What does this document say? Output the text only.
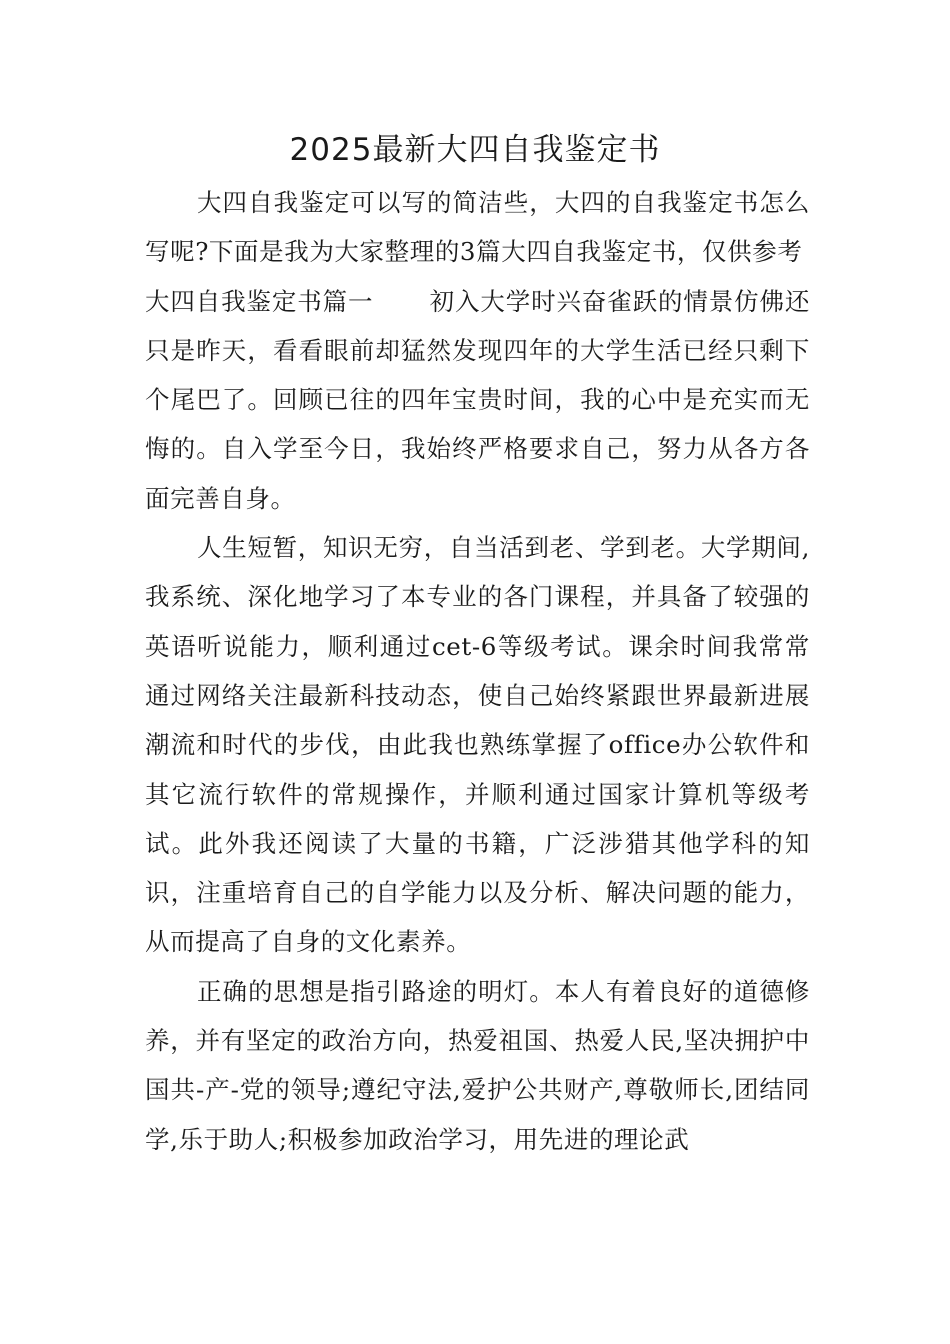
2025最新大四自我鉴定书

大四自我鉴定可以写的简洁些，大四的自我鉴定书怎么写呢?下面是我为大家整理的3篇大四自我鉴定书，仅供参考

大四自我鉴定书篇一 初入大学时兴奋雀跃的情景仿佛还只是昨天，看看眼前却猛然发现四年的大学生活已经只剩下个尾巴了。回顾已往的四年宝贵时间，我的心中是充实而无悔的。自入学至今日，我始终严格要求自己，努力从各方各面完善自身。

人生短暂，知识无穷，自当活到老、学到老。大学期间,我系统、深化地学习了本专业的各门课程，并具备了较强的英语听说能力，顺利通过cet-6等级考试。课余时间我常常通过网络关注最新科技动态，使自己始终紧跟世界最新进展潮流和时代的步伐，由此我也熟练掌握了office办公软件和其它流行软件的常规操作，并顺利通过国家计算机等级考试。此外我还阅读了大量的书籍，广泛涉猎其他学科的知识，注重培育自己的自学能力以及分析、解决问题的能力，从而提高了自身的文化素养。

正确的思想是指引路途的明灯。本人有着良好的道德修养，并有坚定的政治方向，热爱祖国、热爱人民,坚决拥护中国共-产-党的领导;遵纪守法,爱护公共财产,尊敬师长,团结同学,乐于助人;积极参加政治学习，用先进的理论武
